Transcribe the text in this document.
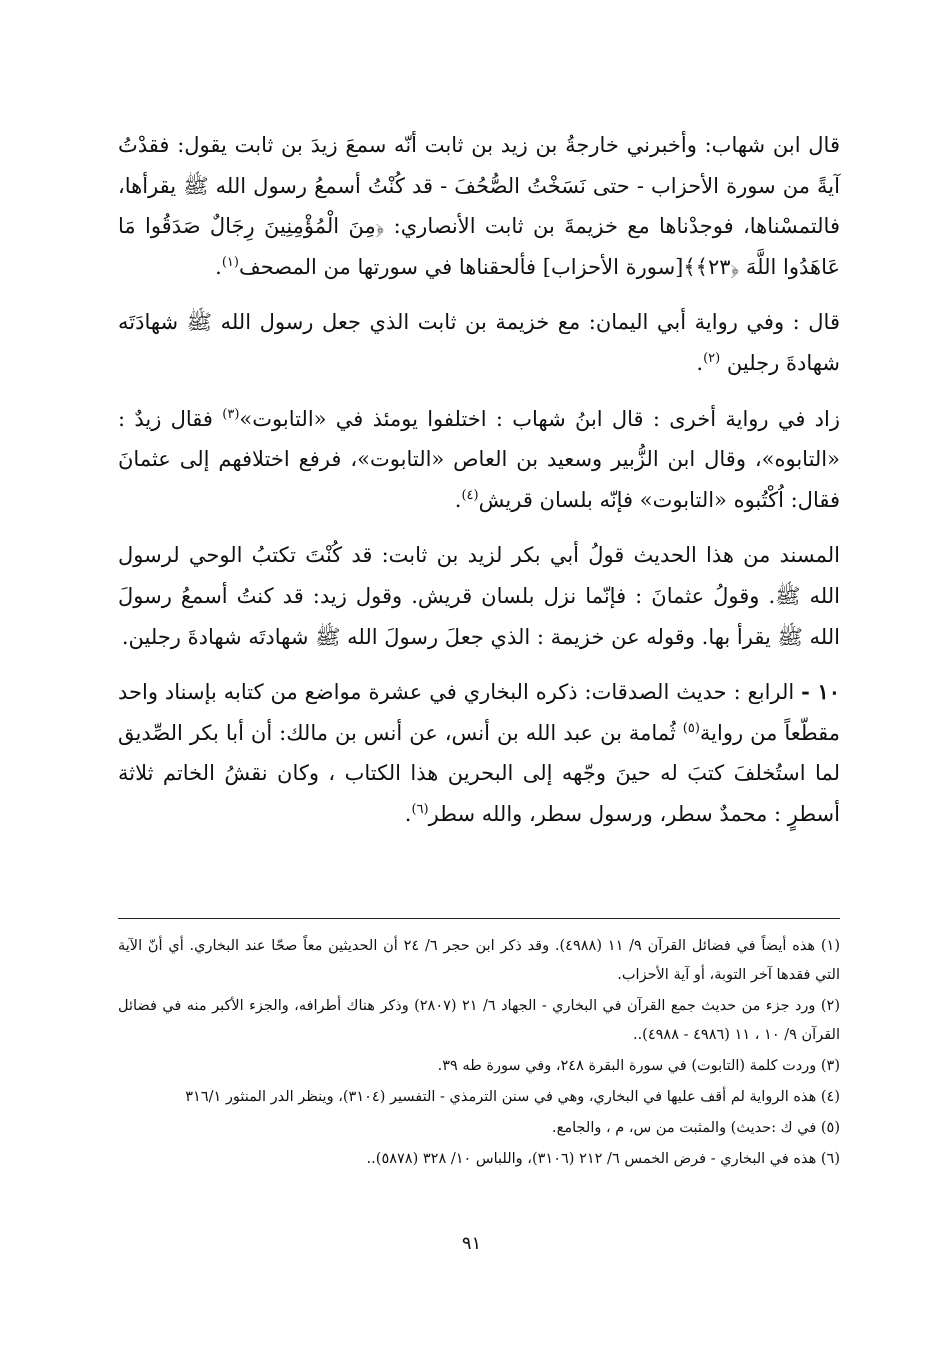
قال ابن شهاب: وأخبرني خارجةُ بن زيد بن ثابت أنّه سمعَ زيدَ بن ثابت يقول: فقدْتُ آيةً من سورة الأحزاب - حتى نَسَخْتُ الصُّحُفَ - قد كُنْتُ أسمعُ رسول الله ﷺ يقرأها، فالتمسْناها، فوجدْناها مع خزيمةَ بن ثابت الأنصاري: ﴿مِنَ الْمُؤْمِنِينَ رِجَالٌ صَدَقُوا مَا عَاهَدُوا اللَّهَ ﴿٢٣﴾﴾[سورة الأحزاب] فألحقناها في سورتها من المصحف$^{(١)}$.

قال : وفي رواية أبي اليمان: مع خزيمة بن ثابت الذي جعل رسول الله ﷺ شهادَتَه شهادةَ رجلين $^{(٢)}$.

زاد في رواية أخرى : قال ابنُ شهاب : اختلفوا يومئذ في «التابوت»$^{(٣)}$ فقال زيدٌ : «التابوه»، وقال ابن الزُّبير وسعيد بن العاص «التابوت»، فرفع اختلافهم إلى عثمانَ فقال: اُكْتُبوه «التابوت» فإنّه بلسان قريش$^{(٤)}$.

المسند من هذا الحديث قولُ أبي بكر لزيد بن ثابت: قد كُنْتَ تكتبُ الوحي لرسول الله ﷺ. وقولُ عثمانَ : فإنّما نزل بلسان قريش. وقول زيد: قد كنتُ أسمعُ رسولَ الله ﷺ يقرأ بها. وقوله عن خزيمة : الذي جعلَ رسولَ الله ﷺ شهادتَه شهادةَ رجلين.

١٠ - الرابع : حديث الصدقات: ذكره البخاري في عشرة مواضع من كتابه بإسناد واحد مقطّعاً من رواية$^{(٥)}$ ثُمامة بن عبد الله بن أنس، عن أنس بن مالك: أن أبا بكر الصِّديق لما استُخلفَ كتبَ له حينَ وجّهه إلى البحرين هذا الكتاب ، وكان نقشُ الخاتم ثلاثة أسطرٍ : محمدٌ سطر، ورسول سطر، والله سطر$^{(٦)}$.

(١) هذه أيضاً في فضائل القرآن ٩/ ١١ (٤٩٨٨). وقد ذكر ابن حجر ٦/ ٢٤ أن الحديثين معاً صحّا عند البخاري. أي أنّ الآية التي فقدها آخر التوبة، أو آية الأحزاب.

(٢) ورد جزء من حديث جمع القرآن في البخاري - الجهاد ٦/ ٢١ (٢٨٠٧) وذكر هناك أطرافه، والجزء الأكبر منه في فضائل القرآن ٩/ ١٠ ، ١١ (٤٩٨٦ - ٤٩٨٨)..

(٣) وردت كلمة (التابوت) في سورة البقرة ٢٤٨، وفي سورة طه ٣٩.

(٤) هذه الرواية لم أقف عليها في البخاري، وهي في سنن الترمذي - التفسير (٣١٠٤)، وينظر الدر المنثور ٣١٦/١

(٥) في ك :حديث) والمثبت من س، م ، والجامع.

(٦) هذه في البخاري - فرض الخمس ٦/ ٢١٢ (٣١٠٦)، واللباس ١٠/ ٣٢٨ (٥٨٧٨)..

٩١
